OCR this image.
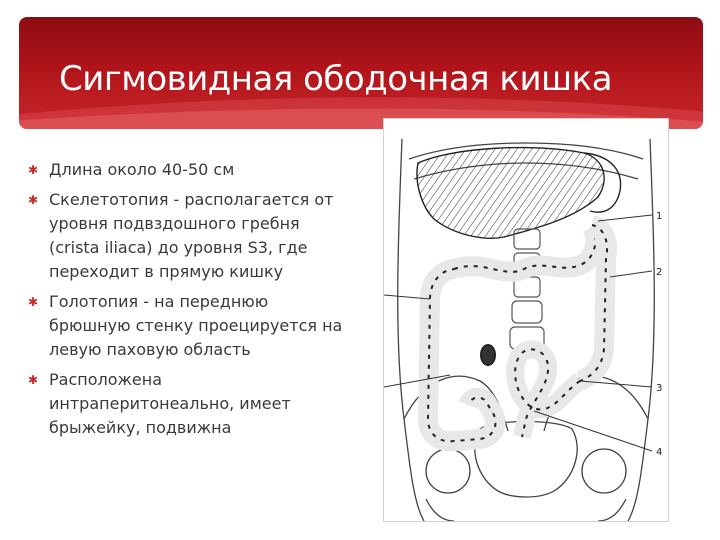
Сигмовидная ободочная кишка
✱ Длина около 40-50 см
✱ Скелетотопия - располагается от уровня подвздошного гребня (crista iliaca) до уровня S3, где переходит в прямую кишку
✱ Голотопия - на переднюю брюшную стенку проецируется на левую паховую область
✱ Расположена интраперитонеально, имеет брыжейку, подвижна
1
2
3
4
